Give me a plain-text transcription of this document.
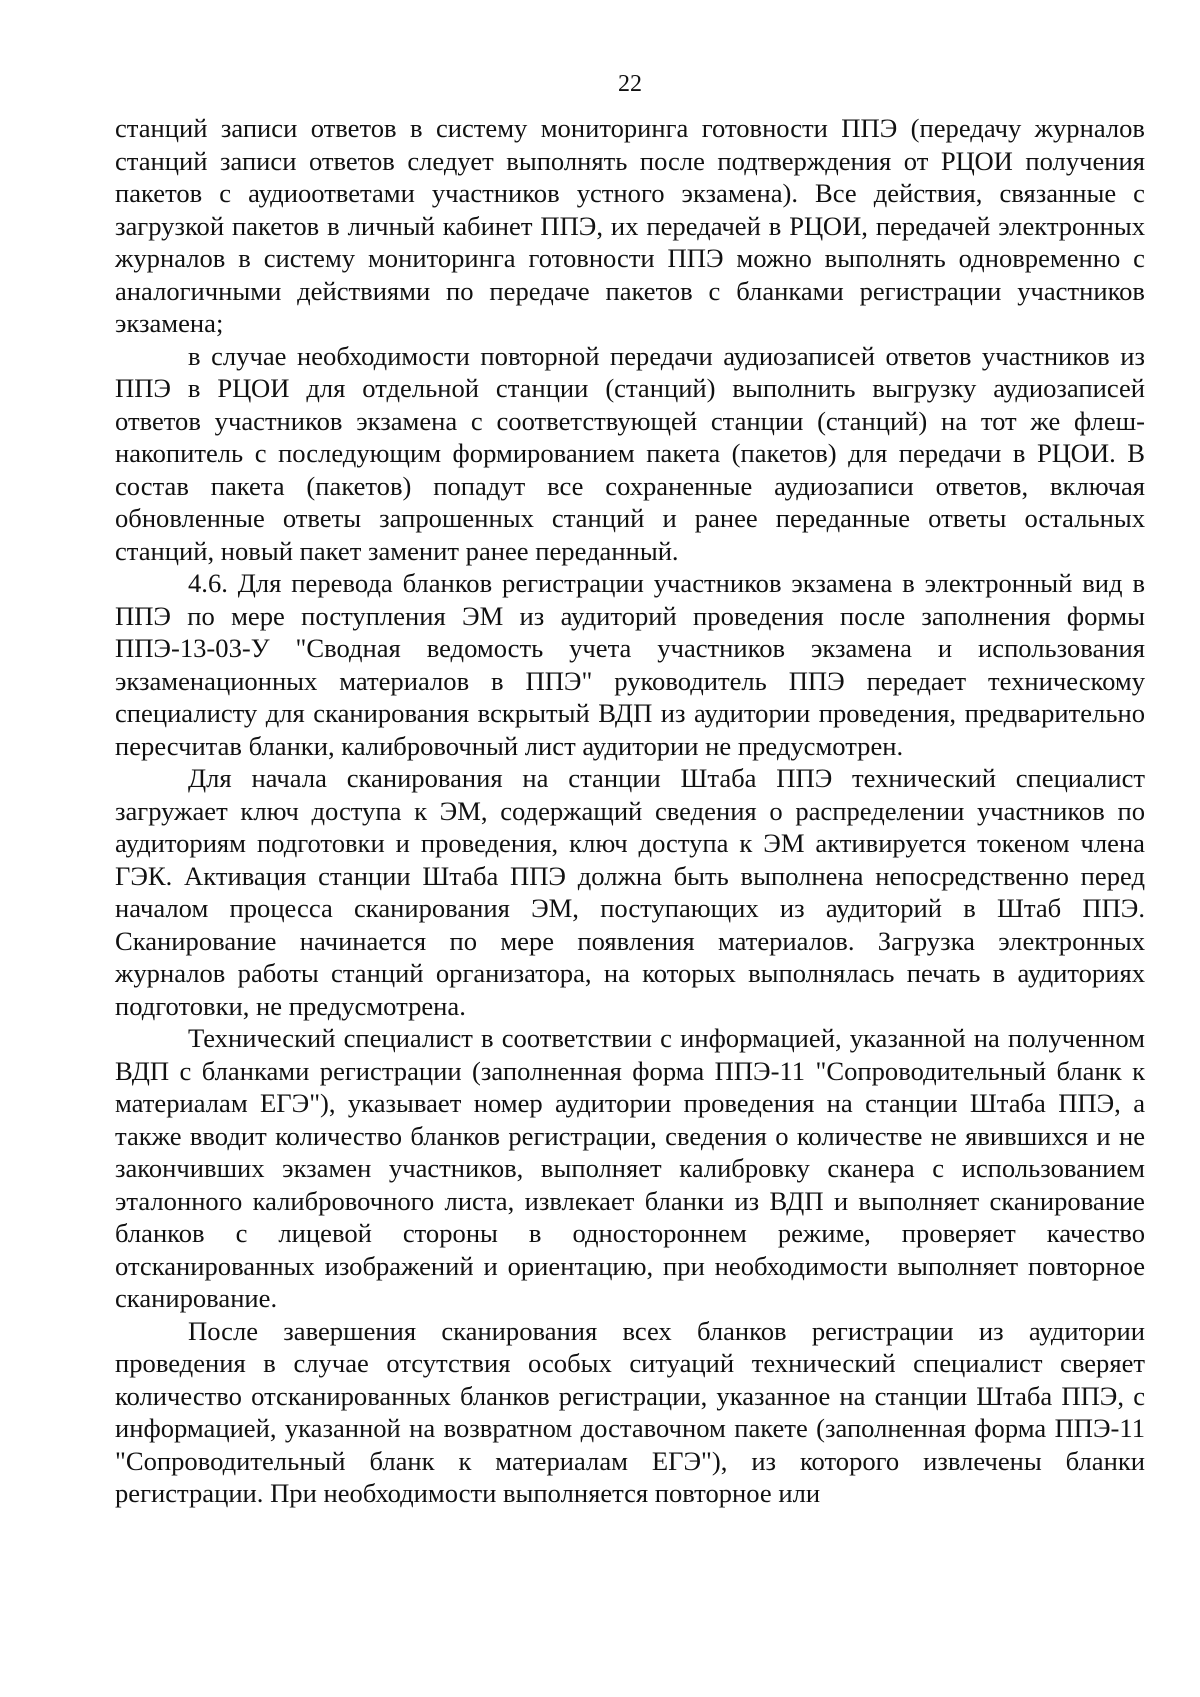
22

станций записи ответов в систему мониторинга готовности ППЭ (передачу журналов станций записи ответов следует выполнять после подтверждения от РЦОИ получения пакетов с аудиоответами участников устного экзамена). Все действия, связанные с загрузкой пакетов в личный кабинет ППЭ, их передачей в РЦОИ, передачей электронных журналов в систему мониторинга готовности ППЭ можно выполнять одновременно с аналогичными действиями по передаче пакетов с бланками регистрации участников экзамена;

в случае необходимости повторной передачи аудиозаписей ответов участников из ППЭ в РЦОИ для отдельной станции (станций) выполнить выгрузку аудиозаписей ответов участников экзамена с соответствующей станции (станций) на тот же флеш-накопитель с последующим формированием пакета (пакетов) для передачи в РЦОИ. В состав пакета (пакетов) попадут все сохраненные аудиозаписи ответов, включая обновленные ответы запрошенных станций и ранее переданные ответы остальных станций, новый пакет заменит ранее переданный.

4.6. Для перевода бланков регистрации участников экзамена в электронный вид в ППЭ по мере поступления ЭМ из аудиторий проведения после заполнения формы ППЭ-13-03-У "Сводная ведомость учета участников экзамена и использования экзаменационных материалов в ППЭ" руководитель ППЭ передает техническому специалисту для сканирования вскрытый ВДП из аудитории проведения, предварительно пересчитав бланки, калибровочный лист аудитории не предусмотрен.

Для начала сканирования на станции Штаба ППЭ технический специалист загружает ключ доступа к ЭМ, содержащий сведения о распределении участников по аудиториям подготовки и проведения, ключ доступа к ЭМ активируется токеном члена ГЭК. Активация станции Штаба ППЭ должна быть выполнена непосредственно перед началом процесса сканирования ЭМ, поступающих из аудиторий в Штаб ППЭ. Сканирование начинается по мере появления материалов. Загрузка электронных журналов работы станций организатора, на которых выполнялась печать в аудиториях подготовки, не предусмотрена.

Технический специалист в соответствии с информацией, указанной на полученном ВДП с бланками регистрации (заполненная форма ППЭ-11 "Сопроводительный бланк к материалам ЕГЭ"), указывает номер аудитории проведения на станции Штаба ППЭ, а также вводит количество бланков регистрации, сведения о количестве не явившихся и не закончивших экзамен участников, выполняет калибровку сканера с использованием эталонного калибровочного листа, извлекает бланки из ВДП и выполняет сканирование бланков с лицевой стороны в одностороннем режиме, проверяет качество отсканированных изображений и ориентацию, при необходимости выполняет повторное сканирование.

После завершения сканирования всех бланков регистрации из аудитории проведения в случае отсутствия особых ситуаций технический специалист сверяет количество отсканированных бланков регистрации, указанное на станции Штаба ППЭ, с информацией, указанной на возвратном доставочном пакете (заполненная форма ППЭ-11 "Сопроводительный бланк к материалам ЕГЭ"), из которого извлечены бланки регистрации. При необходимости выполняется повторное или
